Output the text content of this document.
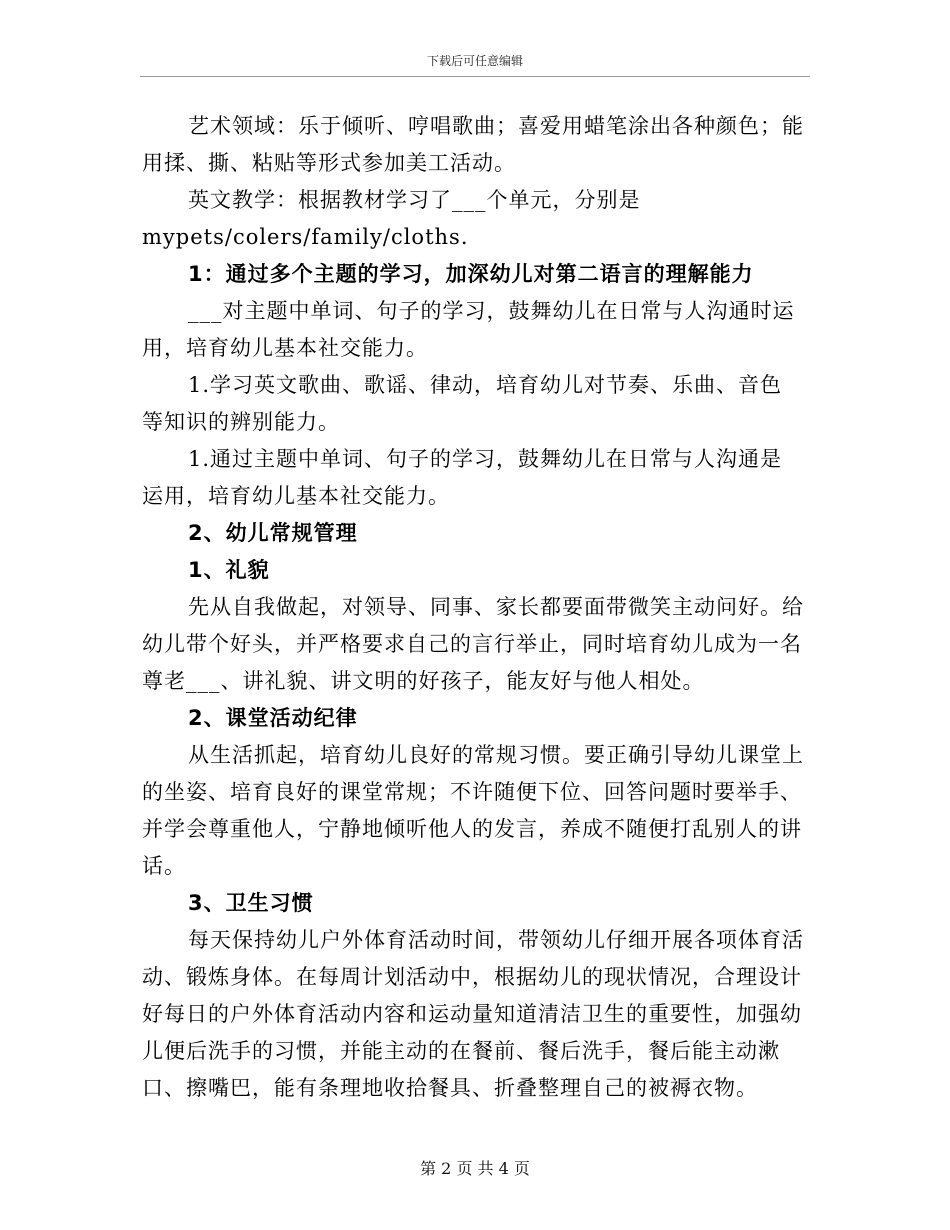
下载后可任意编辑

艺术领域：乐于倾听、哼唱歌曲；喜爱用蜡笔涂出各种颜色；能用揉、撕、粘贴等形式参加美工活动。

英文教学：根据教材学习了___个单元，分别是mypets/colers/family/cloths.

1：通过多个主题的学习，加深幼儿对第二语言的理解能力

___对主题中单词、句子的学习，鼓舞幼儿在日常与人沟通时运用，培育幼儿基本社交能力。

1.学习英文歌曲、歌谣、律动，培育幼儿对节奏、乐曲、音色等知识的辨别能力。

1.通过主题中单词、句子的学习，鼓舞幼儿在日常与人沟通是运用，培育幼儿基本社交能力。

2、幼儿常规管理

1、礼貌

先从自我做起，对领导、同事、家长都要面带微笑主动问好。给幼儿带个好头，并严格要求自己的言行举止，同时培育幼儿成为一名尊老___、讲礼貌、讲文明的好孩子，能友好与他人相处。

2、课堂活动纪律

从生活抓起，培育幼儿良好的常规习惯。要正确引导幼儿课堂上的坐姿、培育良好的课堂常规；不许随便下位、回答问题时要举手、并学会尊重他人，宁静地倾听他人的发言，养成不随便打乱别人的讲话。

3、卫生习惯

每天保持幼儿户外体育活动时间，带领幼儿仔细开展各项体育活动、锻炼身体。在每周计划活动中，根据幼儿的现状情况，合理设计好每日的户外体育活动内容和运动量知道清洁卫生的重要性，加强幼儿便后洗手的习惯，并能主动的在餐前、餐后洗手，餐后能主动漱口、擦嘴巴，能有条理地收拾餐具、折叠整理自己的被褥衣物。

第 2 页 共 4 页
